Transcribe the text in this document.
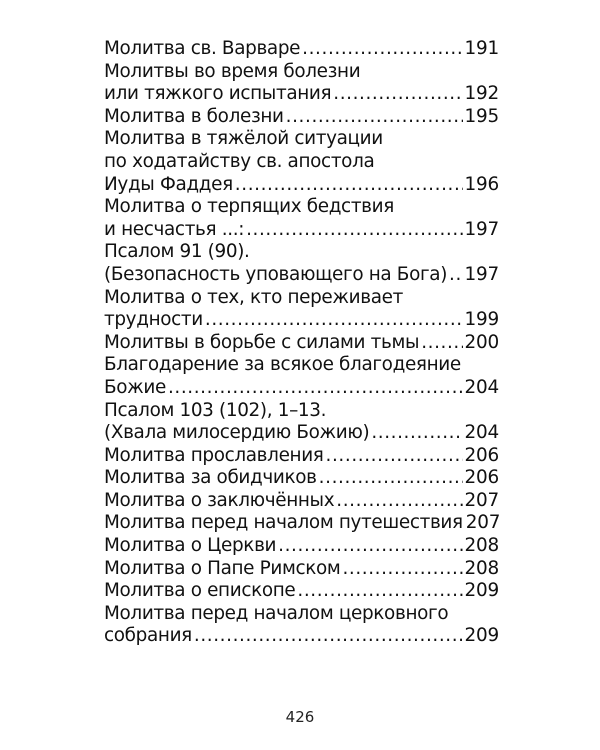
Молитва св. Варваре .....	191
Молитвы во время болезни
или тяжкого испытания .....	192
Молитва в болезни .....	195
Молитва в тяжёлой ситуации
по ходатайству св. апостола
Иуды Фаддея .....	196
Молитва о терпящих бедствия
и несчастья ...: .....	197
Псалом 91 (90).
(Безопасность уповающего на Бога) ..... 197
Молитва о тех, кто переживает
трудности .....	199
Молитвы в борьбе с силами тьмы ..... 200
Благодарение за всякое благодеяние
Божие .....	204
Псалом 103 (102), 1–13.
(Хвала милосердию Божию) .....	204
Молитва прославления .....	206
Молитва за обидчиков .....	206
Молитва о заключённых .....	207
Молитва перед началом путешествия 207
Молитва о Церкви .....	208
Молитва о Папе Римском .....	208
Молитва о епископе .....	209
Молитва перед началом церковного
собрания .....	209
426
